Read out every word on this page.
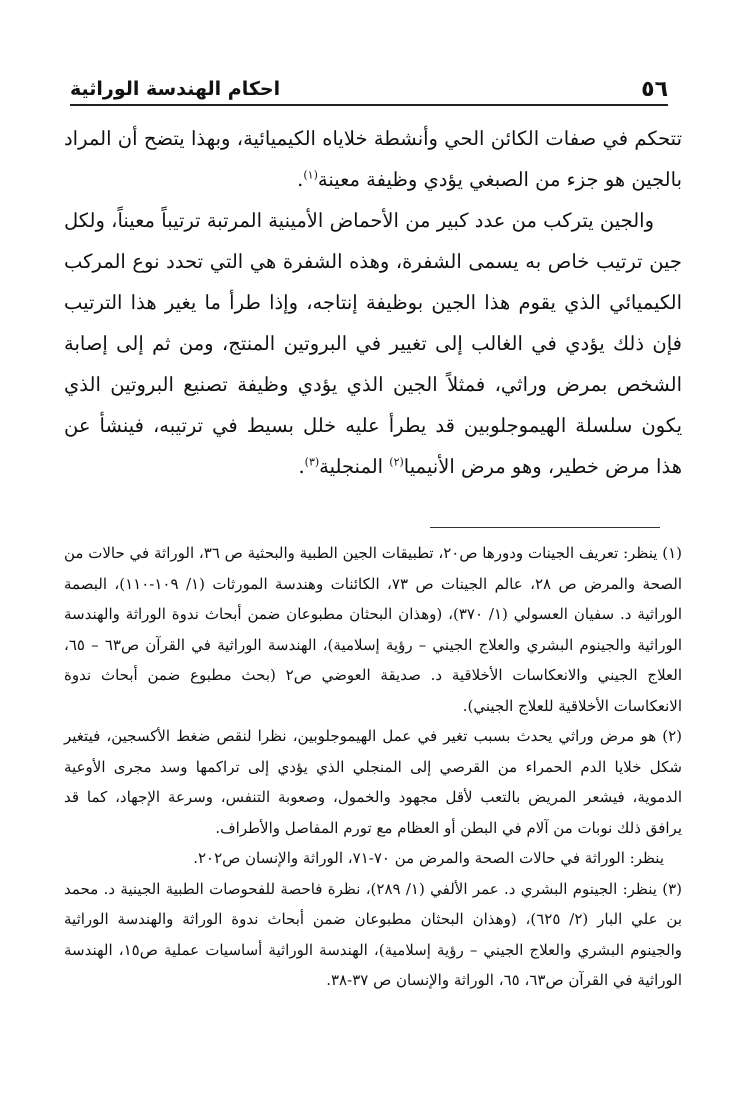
٥٦
احكام الهندسة الوراثية

تتحكم في صفات الكائن الحي وأنشطة خلاياه الكيميائية، وبهذا يتضح أن المراد بالجين هو جزء من الصبغي يؤدي وظيفة معينة$^{(١)}$.

والجين يتركب من عدد كبير من الأحماض الأمينية المرتبة ترتيباً معيناً، ولكل جين ترتيب خاص به يسمى الشفرة، وهذه الشفرة هي التي تحدد نوع المركب الكيميائي الذي يقوم هذا الجين بوظيفة إنتاجه، وإذا طرأ ما يغير هذا الترتيب فإن ذلك يؤدي في الغالب إلى تغيير في البروتين المنتج، ومن ثم إلى إصابة الشخص بمرض وراثي، فمثلاً الجين الذي يؤدي وظيفة تصنيع البروتين الذي يكون سلسلة الهيموجلوبين قد يطرأ عليه خلل بسيط في ترتيبه، فينشأ عن هذا مرض خطير، وهو مرض الأنيميا$^{(٢)}$ المنجلية$^{(٣)}$.

(١) ينظر: تعريف الجينات ودورها ص٢٠، تطبيقات الجين الطبية والبحثية ص ٣٦، الوراثة في حالات من الصحة والمرض ص ٢٨، عالم الجينات ص ٧٣، الكائنات وهندسة المورثات (١/ ١٠٩-١١٠)، البصمة الوراثية د. سفيان العسولي (١/ ٣٧٠)، (وهذان البحثان مطبوعان ضمن أبحاث ندوة الوراثة والهندسة الوراثية والجينوم البشري والعلاج الجيني – رؤية إسلامية)، الهندسة الوراثية في القرآن ص٦٣ – ٦٥، العلاج الجيني والانعكاسات الأخلاقية د. صديقة العوضي ص٢ (بحث مطبوع ضمن أبحاث ندوة الانعكاسات الأخلاقية للعلاج الجيني).

(٢) هو مرض وراثي يحدث بسبب تغير في عمل الهيموجلوبين، نظرا لنقص ضغط الأكسجين، فيتغير شكل خلايا الدم الحمراء من القرصي إلى المنجلي الذي يؤدي إلى تراكمها وسد مجرى الأوعية الدموية، فيشعر المريض بالتعب لأقل مجهود والخمول، وصعوبة التنفس، وسرعة الإجهاد، كما قد يرافق ذلك نوبات من آلام في البطن أو العظام مع تورم المفاصل والأطراف.

ينظر: الوراثة في حالات الصحة والمرض من ٧٠-٧١، الوراثة والإنسان ص٢٠٢.

(٣) ينظر: الجينوم البشري د. عمر الألفي (١/ ٢٨٩)، نظرة فاحصة للفحوصات الطبية الجينية د. محمد بن علي البار (٢/ ٦٢٥)، (وهذان البحثان مطبوعان ضمن أبحاث ندوة الوراثة والهندسة الوراثية والجينوم البشري والعلاج الجيني – رؤية إسلامية)، الهندسة الوراثية أساسيات عملية ص١٥، الهندسة الوراثية في القرآن ص٦٣، ٦٥، الوراثة والإنسان ص ٣٧-٣٨.
